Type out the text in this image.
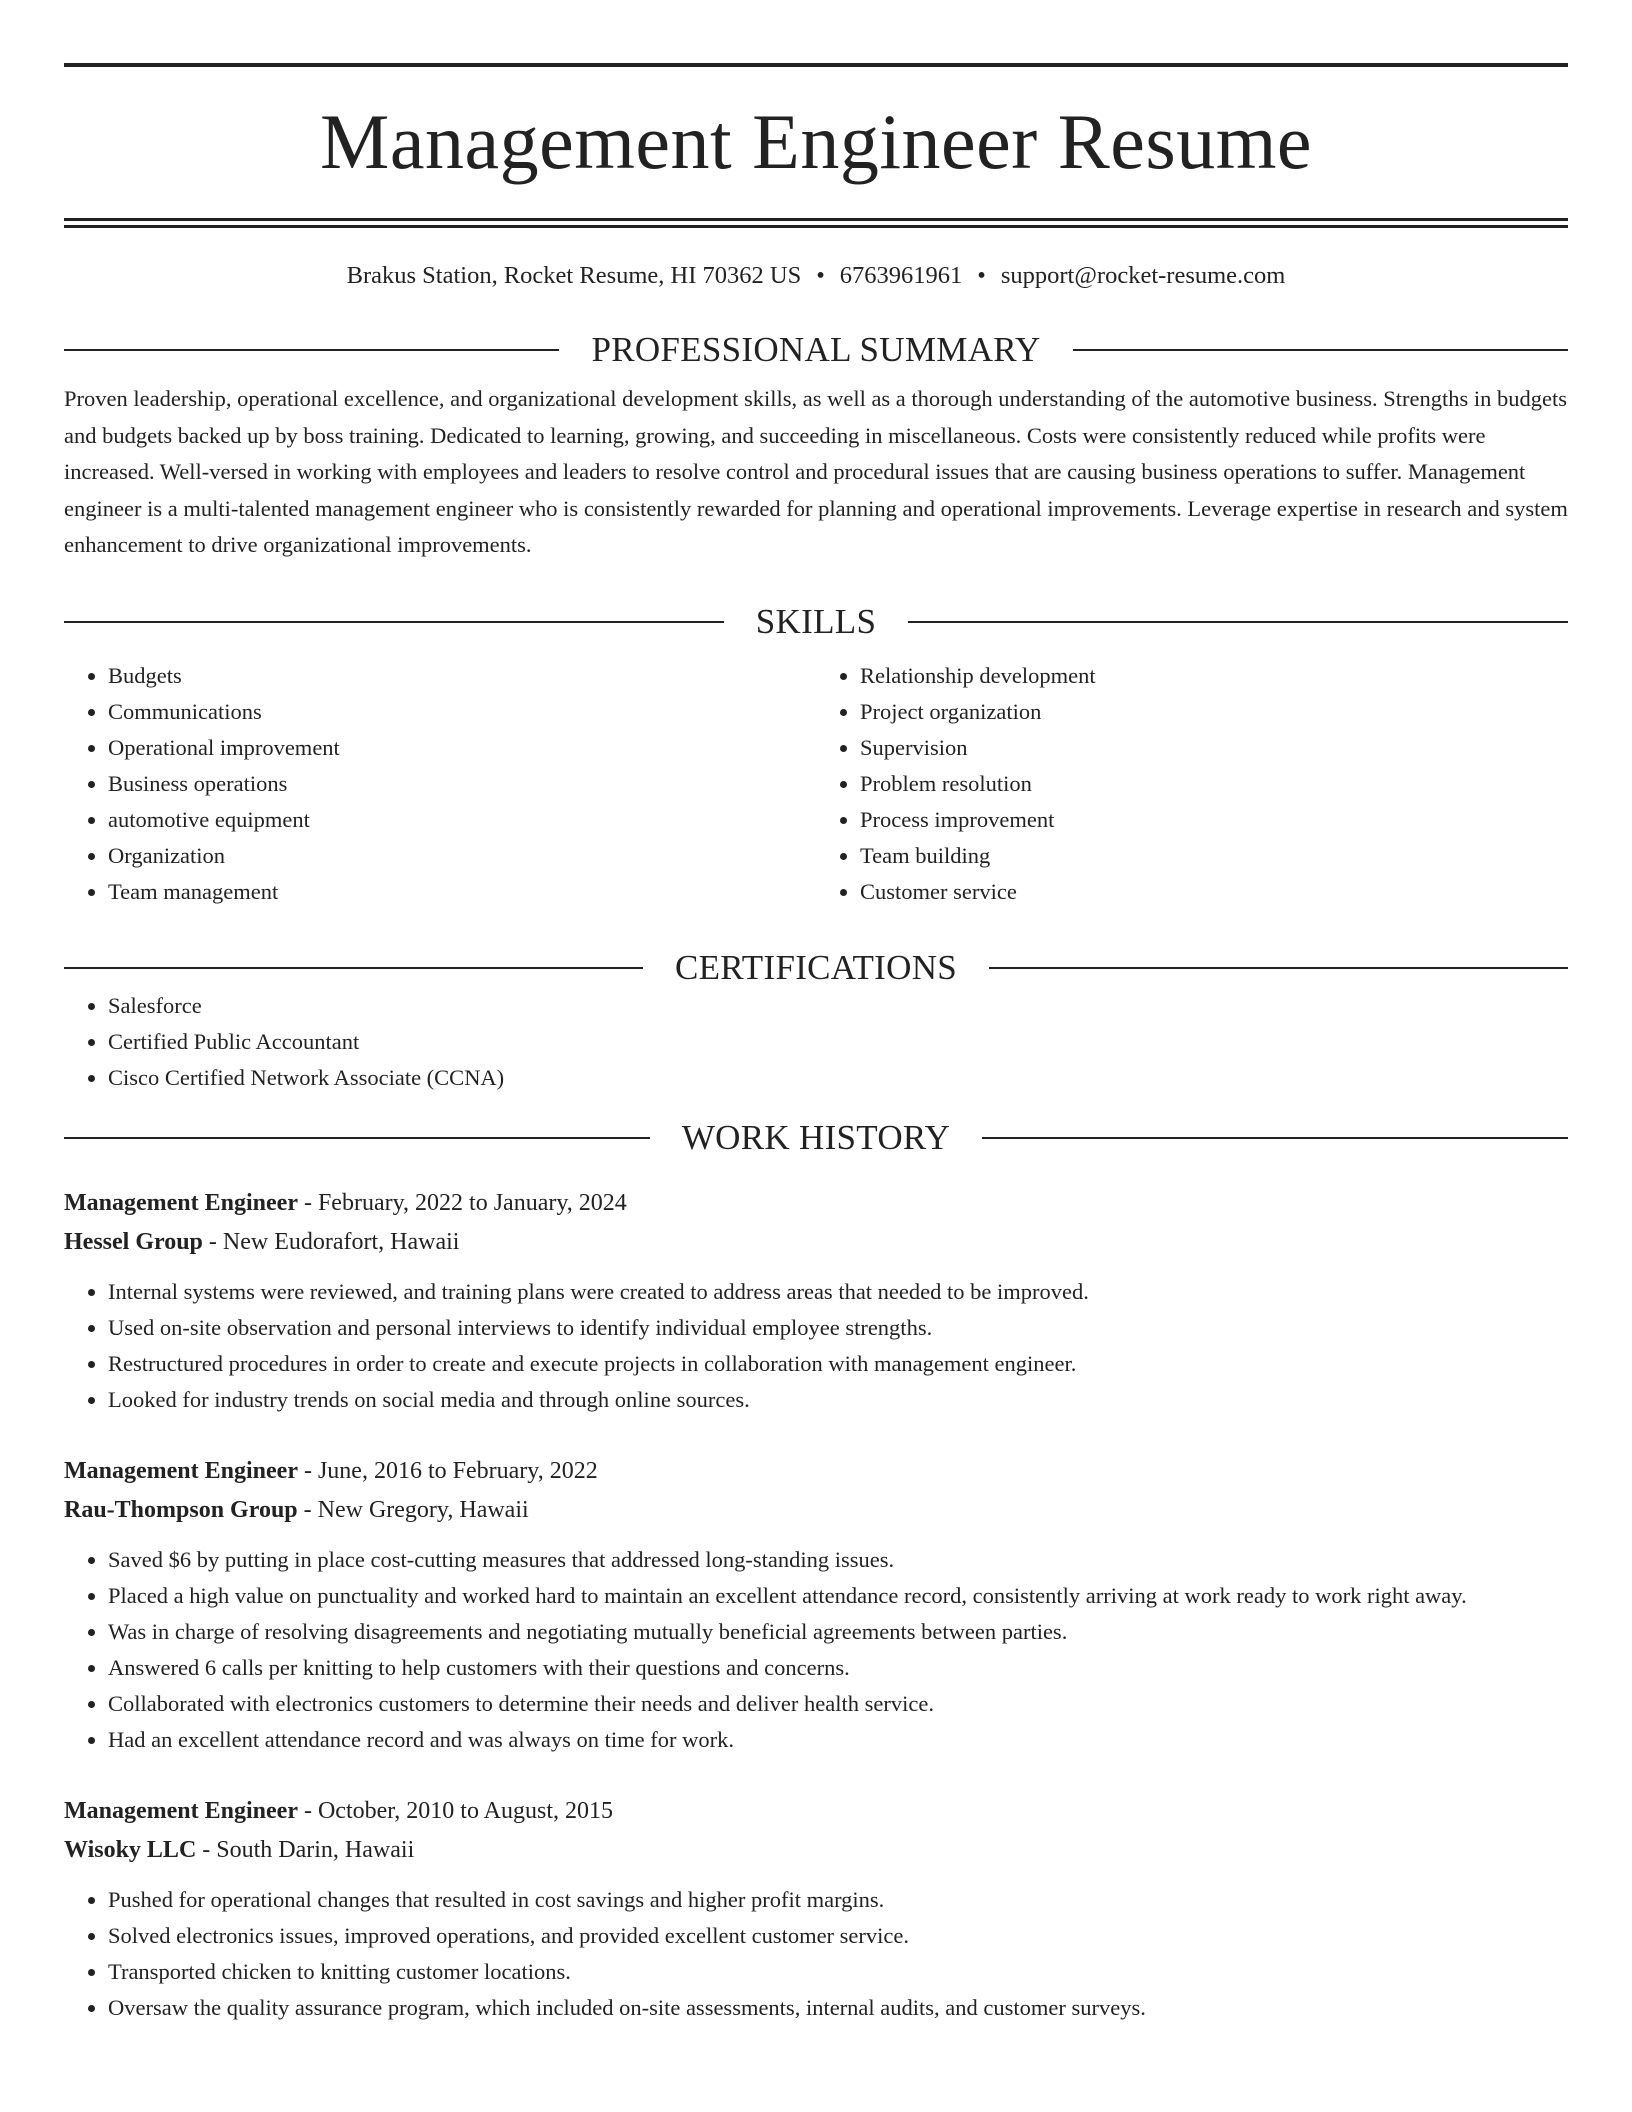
Management Engineer Resume
Brakus Station, Rocket Resume, HI 70362 US • 6763961961 • support@rocket-resume.com
PROFESSIONAL SUMMARY
Proven leadership, operational excellence, and organizational development skills, as well as a thorough understanding of the automotive business. Strengths in budgets and budgets backed up by boss training. Dedicated to learning, growing, and succeeding in miscellaneous. Costs were consistently reduced while profits were increased. Well-versed in working with employees and leaders to resolve control and procedural issues that are causing business operations to suffer. Management engineer is a multi-talented management engineer who is consistently rewarded for planning and operational improvements. Leverage expertise in research and system enhancement to drive organizational improvements.
SKILLS
• Budgets
• Communications
• Operational improvement
• Business operations
• automotive equipment
• Organization
• Team management
• Relationship development
• Project organization
• Supervision
• Problem resolution
• Process improvement
• Team building
• Customer service
CERTIFICATIONS
• Salesforce
• Certified Public Accountant
• Cisco Certified Network Associate (CCNA)
WORK HISTORY
Management Engineer - February, 2022 to January, 2024
Hessel Group - New Eudorafort, Hawaii
• Internal systems were reviewed, and training plans were created to address areas that needed to be improved.
• Used on-site observation and personal interviews to identify individual employee strengths.
• Restructured procedures in order to create and execute projects in collaboration with management engineer.
• Looked for industry trends on social media and through online sources.
Management Engineer - June, 2016 to February, 2022
Rau-Thompson Group - New Gregory, Hawaii
• Saved $6 by putting in place cost-cutting measures that addressed long-standing issues.
• Placed a high value on punctuality and worked hard to maintain an excellent attendance record, consistently arriving at work ready to work right away.
• Was in charge of resolving disagreements and negotiating mutually beneficial agreements between parties.
• Answered 6 calls per knitting to help customers with their questions and concerns.
• Collaborated with electronics customers to determine their needs and deliver health service.
• Had an excellent attendance record and was always on time for work.
Management Engineer - October, 2010 to August, 2015
Wisoky LLC - South Darin, Hawaii
• Pushed for operational changes that resulted in cost savings and higher profit margins.
• Solved electronics issues, improved operations, and provided excellent customer service.
• Transported chicken to knitting customer locations.
• Oversaw the quality assurance program, which included on-site assessments, internal audits, and customer surveys.
